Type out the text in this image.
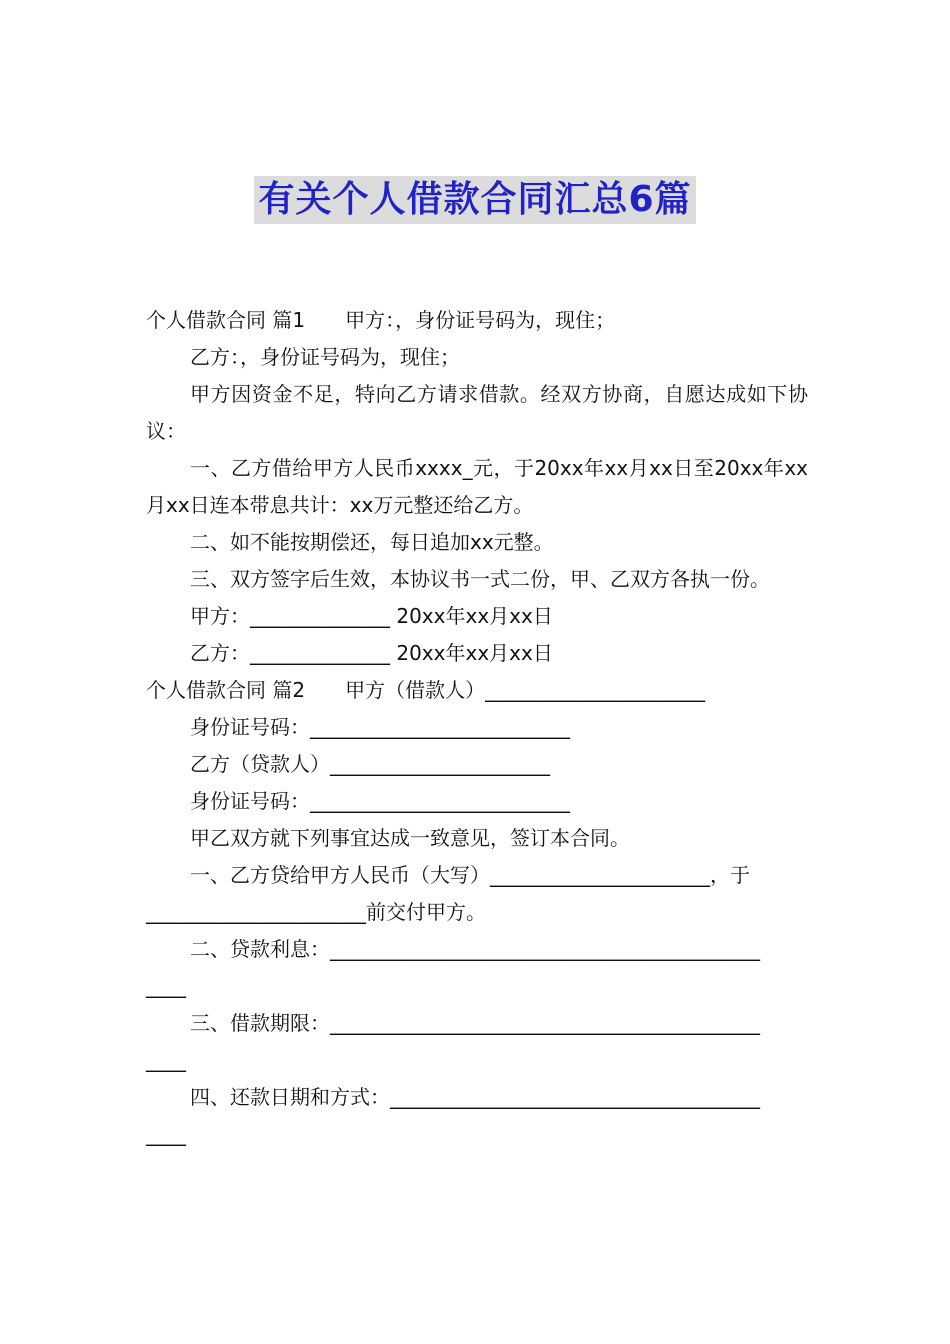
有关个人借款合同汇总6篇

个人借款合同 篇1 甲方：，身份证号码为，现住；

乙方：，身份证号码为，现住；

甲方因资金不足，特向乙方请求借款。经双方协商，自愿达成如下协议：

一、乙方借给甲方人民币xxxx_元，于20xx年xx月xx日至20xx年xx月xx日连本带息共计：xx万元整还给乙方。

二、如不能按期偿还，每日追加xx元整。

三、双方签字后生效，本协议书一式二份，甲、乙双方各执一份。

甲方：______________ 20xx年xx月xx日

乙方：______________ 20xx年xx月xx日

个人借款合同 篇2 甲方（借款人）______________________

身份证号码：__________________________

乙方（贷款人）______________________

身份证号码：__________________________

甲乙双方就下列事宜达成一致意见，签订本合同。

一、乙方贷给甲方人民币（大写）______________________，于

______________________前交付甲方。

二、贷款利息：___________________________________________

____

三、借款期限：___________________________________________

____

四、还款日期和方式：_____________________________________

____
